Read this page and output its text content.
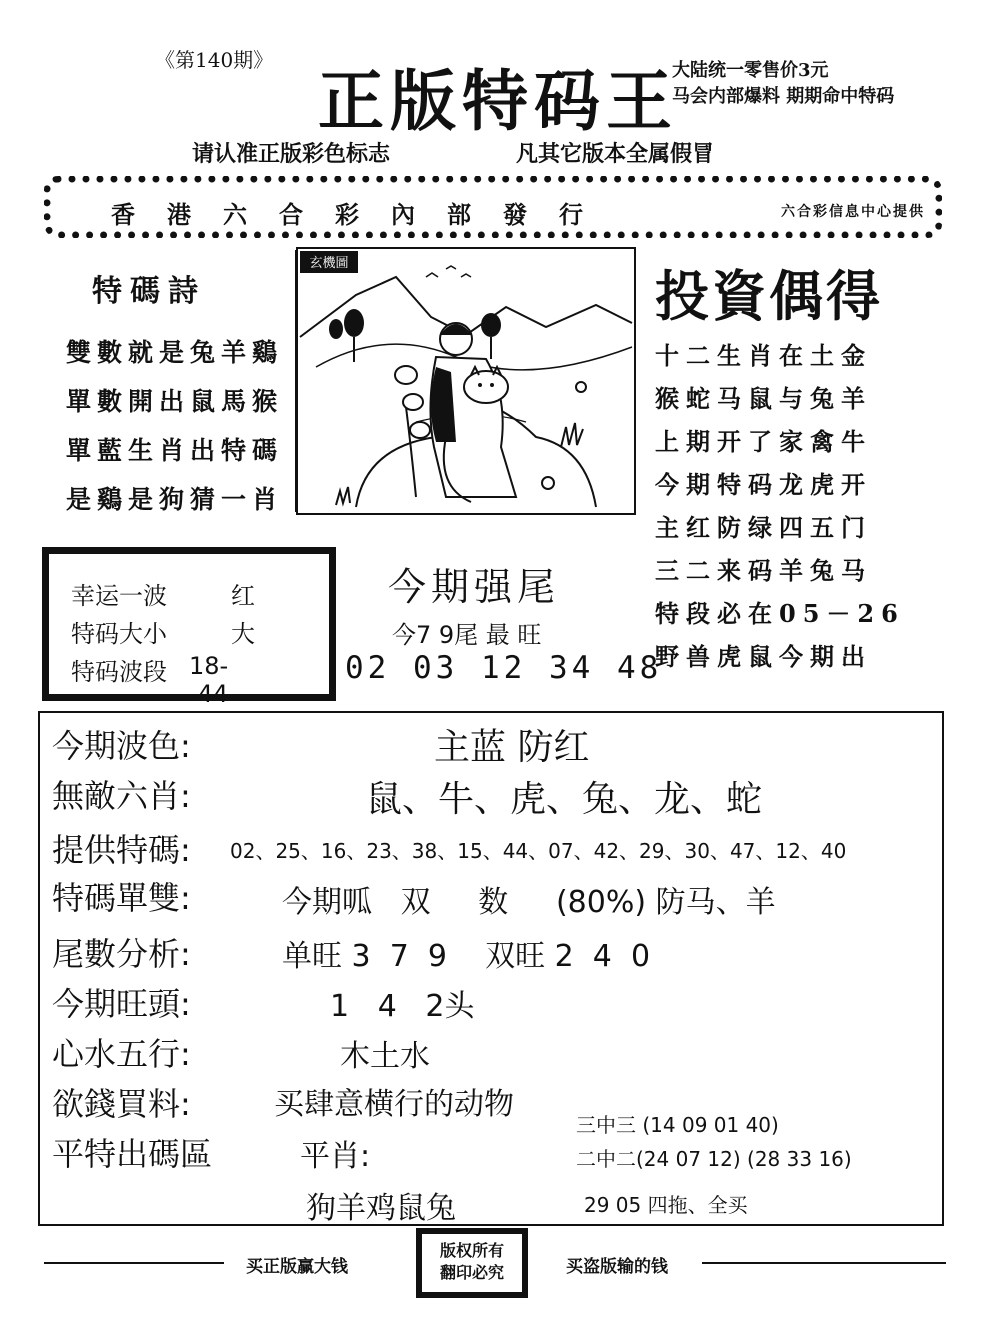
《第140期》
正版特码王
大陆统一零售价3元
马会内部爆料 期期命中特码
请认准正版彩色标志	凡其它版本全属假冒
香港六合彩內部發行	六合彩信息中心提供
特碼詩
雙數就是兔羊鷄
單數開出鼠馬猴
單藍生肖出特碼
是鷄是狗猜一肖
玄機圖
投資偶得
十二生肖在土金
猴蛇马鼠与兔羊
上期开了家禽牛
今期特码龙虎开
主红防绿四五门
三二来码羊兔马
特段必在05－26
野兽虎鼠今期出
幸运一波	红
特码大小	大
特码波段 18--44
今期强尾
今7 9尾 最 旺
02 03 12 34 48
今期波色:	主蓝 防红
無敵六肖:	鼠、牛、虎、兔、龙、蛇
提供特碼: 02、25、16、23、38、15、44、07、42、29、30、47、12、40
特碼單雙:	今期呱   双     数     (80%) 防马、羊
尾數分析:	单旺 3  7  9    双旺 2  4  0
今期旺頭:	1   4   2头
心水五行:	木土水
欲錢買料:	买肆意横行的动物
平特出碼區	平肖:
狗羊鸡鼠兔
三中三 (14 09 01 40)
二中二(24 07 12) (28 33 16)
29 05 四拖、全买
买正版赢大钱
版权所有
翻印必究	买盗版输的钱
